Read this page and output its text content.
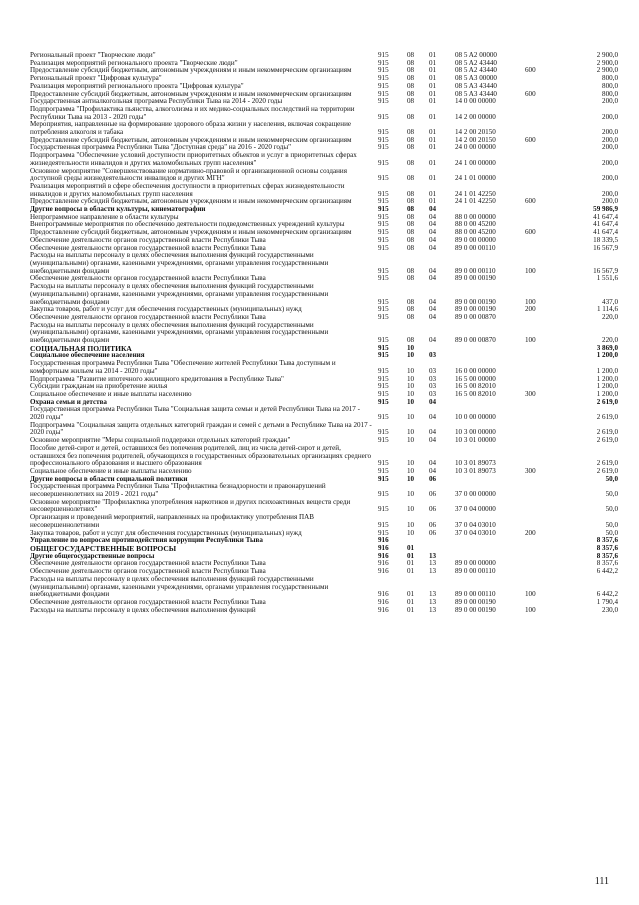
Региональный проект "Творческие люди"	915	08	01	08 5 A2 00000		2 900,0
Реализация мероприятий регионального проекта "Творческие люди"	915	08	01	08 5 A2 43440		2 900,0
Предоставление субсидий бюджетным, автономным учреждениям и иным некоммерческим организациям	915	08	01	08 5 A2 43440	600	2 900,0
Региональный проект "Цифровая культура"	915	08	01	08 5 A3 00000		800,0
Реализация мероприятий регионального проекта "Цифровая культура"	915	08	01	08 5 A3 43440		800,0
Предоставление субсидий бюджетным, автономным учреждениям и иным некоммерческим организациям	915	08	01	08 5 A3 43440	600	800,0
Государственная антиалкогольная программа Республики Тыва на 2014 - 2020 годы	915	08	01	14 0 00 00000		200,0
Подпрограмма "Профилактика пьянства, алкоголизма и их медико-социальных последствий на территории Республики Тыва на 2013 - 2020 годы"	915	08	01	14 2 00 00000		200,0
Мероприятия, направленные на формирование здорового образа жизни у населения, включая сокращение потребления алкоголя и табака	915	08	01	14 2 00 20150		200,0
Предоставление субсидий бюджетным, автономным учреждениям и иным некоммерческим организациям	915	08	01	14 2 00 20150	600	200,0
Государственная программа Республики Тыва "Доступная среда" на 2016 - 2020 годы"	915	08	01	24 0 00 00000		200,0
Подпрограмма "Обеспечение условий доступности приоритетных объектов и услуг в приоритетных сферах жизнедеятельности инвалидов и других маломобильных групп населения"	915	08	01	24 1 00 00000		200,0
Основное мероприятие "Совершенствование нормативно-правовой и организационной основы создания доступной среды жизнедеятельности инвалидов и других МГН"	915	08	01	24 1 01 00000		200,0
Реализация мероприятий в сфере обеспечения доступности в приоритетных сферах жизнедеятельности инвалидов и других маломобильных групп населения	915	08	01	24 1 01 42250		200,0
Предоставление субсидий бюджетным, автономным учреждениям и иным некоммерческим организациям	915	08	01	24 1 01 42250	600	200,0
Другие вопросы в области культуры, кинематографии	915	08	04			59 986,9
Непрограммное направление в области культуры	915	08	04	88 0 00 00000		41 647,4
Внепрограммные мероприятия по обеспечению деятельности подведомственных учреждений культуры	915	08	04	88 0 00 45200		41 647,4
Предоставление субсидий бюджетным, автономным учреждениям и иным некоммерческим организациям	915	08	04	88 0 00 45200	600	41 647,4
Обеспечение деятельности органов государственной власти Республики Тыва	915	08	04	89 0 00 00000		18 339,5
Обеспечение деятельности органов государственной власти Республики Тыва	915	08	04	89 0 00 00110		16 567,9
Расходы на выплаты персоналу в целях обеспечения выполнения функций государственными (муниципальными) органами, казенными учреждениями, органами управления государственными внебюджетными фондами	915	08	04	89 0 00 00110	100	16 567,9
Обеспечение деятельности органов государственной власти Республики Тыва	915	08	04	89 0 00 00190		1 551,6
Расходы на выплаты персоналу в целях обеспечения выполнения функций государственными (муниципальными) органами, казенными учреждениями, органами управления государственными внебюджетными фондами	915	08	04	89 0 00 00190	100	437,0
Закупка товаров, работ и услуг для обеспечения государственных (муниципальных) нужд	915	08	04	89 0 00 00190	200	1 114,6
Обеспечение деятельности органов государственной власти Республики Тыва	915	08	04	89 0 00 00870		220,0
Расходы на выплаты персоналу в целях обеспечения выполнения функций государственными (муниципальными) органами, казенными учреждениями, органами управления государственными внебюджетными фондами	915	08	04	89 0 00 00870	100	220,0
СОЦИАЛЬНАЯ ПОЛИТИКА	915	10				3 869,0
Социальное обеспечение населения	915	10	03			1 200,0
Государственная программа Республики Тыва "Обеспечение жителей Республики Тыва доступным и комфортным жильем на 2014 - 2020 годы"	915	10	03	16 0 00 00000		1 200,0
Подпрограмма "Развитие ипотечного жилищного кредитования в Республике Тыва"	915	10	03	16 5 00 00000		1 200,0
Субсидии гражданам на приобретение жилья	915	10	03	16 5 00 82010		1 200,0
Социальное обеспечение и иные выплаты населению	915	10	03	16 5 00 82010	300	1 200,0
Охрана семьи и детства	915	10	04			2 619,0
Государственная программа Республики Тыва "Социальная защита семьи и детей Республики Тыва на 2017 - 2020 годы"	915	10	04	10 0 00 00000		2 619,0
Подпрограмма "Социальная защита отдельных категорий граждан и семей с детьми в Республике Тыва на 2017 - 2020 годы"	915	10	04	10 3 00 00000		2 619,0
Основное мероприятие "Меры социальной поддержки отдельных категорий граждан"	915	10	04	10 3 01 00000		2 619,0
Пособие детей-сирот и детей, оставшихся без попечения родителей, лиц из числа детей-сирот и детей, оставшихся без попечения родителей, обучающихся в государственных образовательных организациях среднего профессионального образования и высшего образования	915	10	04	10 3 01 89073		2 619,0
Социальное обеспечение и иные выплаты населению	915	10	04	10 3 01 89073	300	2 619,0
Другие вопросы в области социальной политики	915	10	06			50,0
Государственная программа Республики Тыва "Профилактика безнадзорности и правонарушений несовершеннолетних на 2019 - 2021 годы"	915	10	06	37 0 00 00000		50,0
Основное мероприятие "Профилактика употребления наркотиков и других психоактивных веществ среди несовершеннолетних"	915	10	06	37 0 04 00000		50,0
Организация и проведений мероприятий, направленных на профилактику употребления ПАВ несовершеннолетними	915	10	06	37 0 04 03010		50,0
Закупка товаров, работ и услуг для обеспечения государственных (муниципальных) нужд	915	10	06	37 0 04 03010	200	50,0
Управление по вопросам противодействия коррупции Республики Тыва	916					8 357,6
ОБЩЕГОСУДАРСТВЕННЫЕ ВОПРОСЫ	916	01				8 357,6
Другие общегосударственные вопросы	916	01	13			8 357,6
Обеспечение деятельности органов государственной власти Республики Тыва	916	01	13	89 0 00 00000		8 357,6
Обеспечение деятельности органов государственной власти Республики Тыва	916	01	13	89 0 00 00110		6 442,2
Расходы на выплаты персоналу в целях обеспечения выполнения функций государственными (муниципальными) органами, казенными учреждениями, органами управления государственными внебюджетными фондами	916	01	13	89 0 00 00110	100	6 442,2
Обеспечение деятельности органов государственной власти Республики Тыва	916	01	13	89 0 00 00190		1 790,4
Расходы на выплаты персоналу в целях обеспечения выполнения функций	916	01	13	89 0 00 00190	100	230,0
111
